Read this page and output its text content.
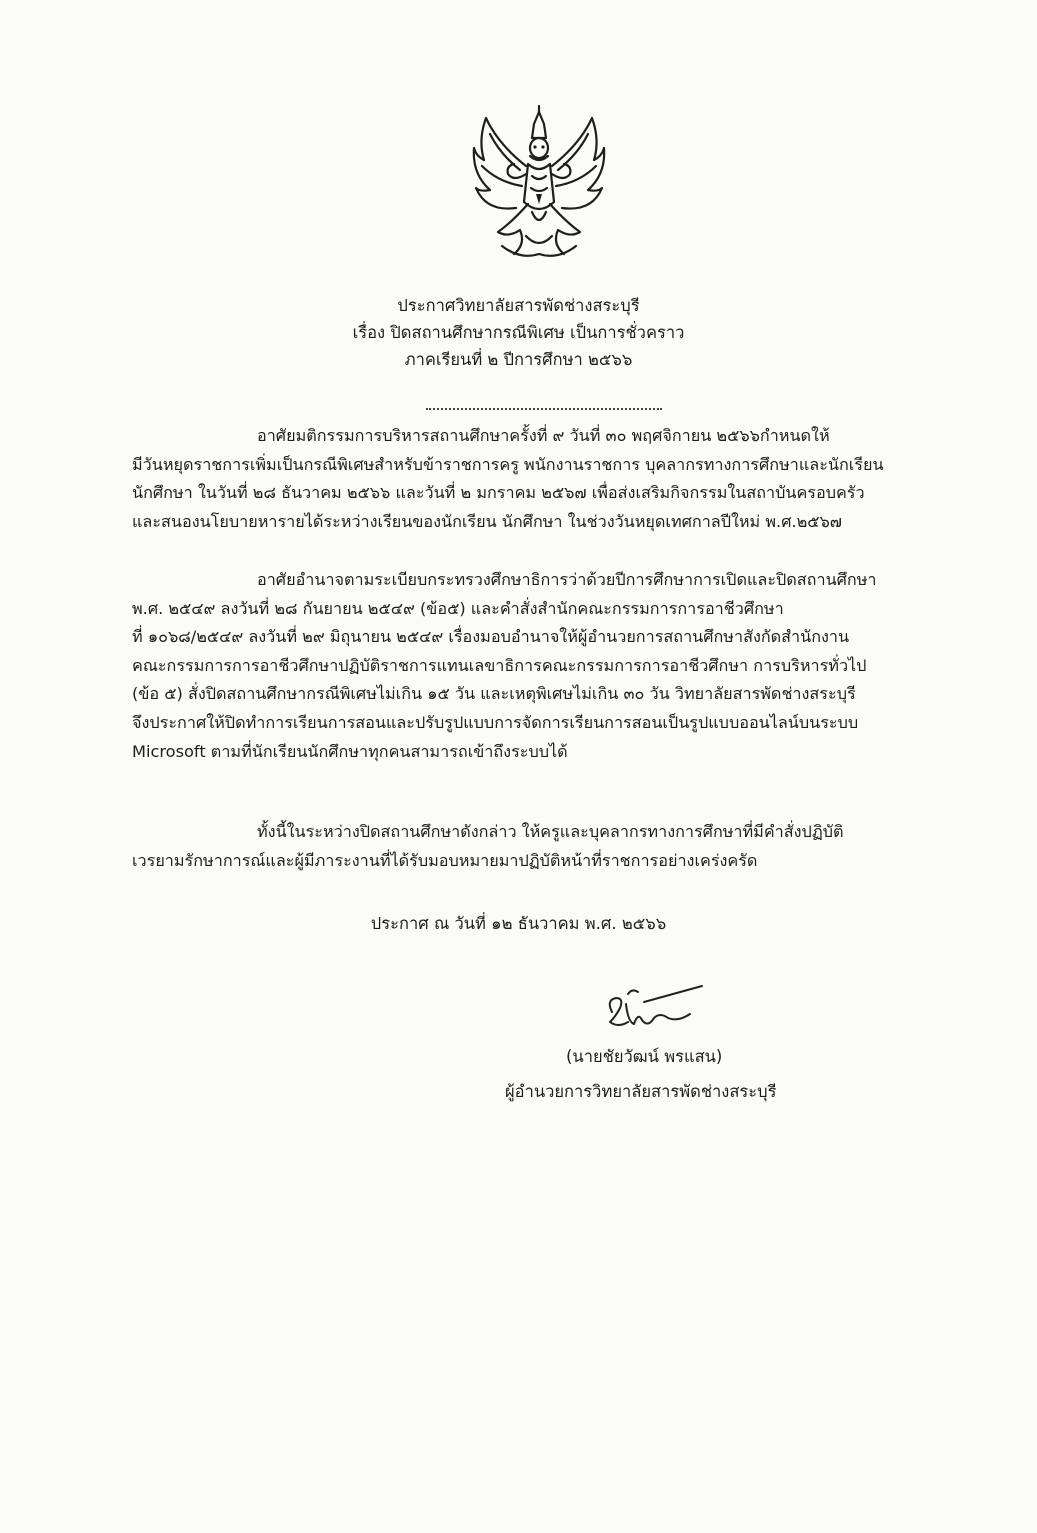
ประกาศวิทยาลัยสารพัดช่างสระบุรี
เรื่อง ปิดสถานศึกษากรณีพิเศษ เป็นการชั่วคราว
ภาคเรียนที่ ๒ ปีการศึกษา ๒๕๖๖
อาศัยมติกรรมการบริหารสถานศึกษาครั้งที่ ๙ วันที่ ๓๐ พฤศจิกายน ๒๕๖๖กำหนดให้
มีวันหยุดราชการเพิ่มเป็นกรณีพิเศษสำหรับข้าราชการครู พนักงานราชการ บุคลากรทางการศึกษาและนักเรียน
นักศึกษา ในวันที่ ๒๘ ธันวาคม ๒๕๖๖ และวันที่ ๒ มกราคม ๒๕๖๗ เพื่อส่งเสริมกิจกรรมในสถาบันครอบครัว
และสนองนโยบายหารายได้ระหว่างเรียนของนักเรียน นักศึกษา ในช่วงวันหยุดเทศกาลปีใหม่ พ.ศ.๒๕๖๗
อาศัยอำนาจตามระเบียบกระทรวงศึกษาธิการว่าด้วยปีการศึกษาการเปิดและปิดสถานศึกษา
พ.ศ. ๒๕๔๙ ลงวันที่ ๒๘ กันยายน ๒๕๔๙ (ข้อ๕) และคำสั่งสำนักคณะกรรมการการอาชีวศึกษา
ที่ ๑๐๖๘/๒๕๔๙ ลงวันที่ ๒๙ มิถุนายน ๒๕๔๙ เรื่องมอบอำนาจให้ผู้อำนวยการสถานศึกษาสังกัดสำนักงาน
คณะกรรมการการอาชีวศึกษาปฏิบัติราชการแทนเลขาธิการคณะกรรมการการอาชีวศึกษา การบริหารทั่วไป
(ข้อ ๕) สั่งปิดสถานศึกษากรณีพิเศษไม่เกิน ๑๕ วัน และเหตุพิเศษไม่เกิน ๓๐ วัน วิทยาลัยสารพัดช่างสระบุรี
จึงประกาศให้ปิดทำการเรียนการสอนและปรับรูปแบบการจัดการเรียนการสอนเป็นรูปแบบออนไลน์บนระบบ
Microsoft ตามที่นักเรียนนักศึกษาทุกคนสามารถเข้าถึงระบบได้
ทั้งนี้ในระหว่างปิดสถานศึกษาดังกล่าว ให้ครูและบุคลากรทางการศึกษาที่มีคำสั่งปฏิบัติ
เวรยามรักษาการณ์และผู้มีภาระงานที่ได้รับมอบหมายมาปฏิบัติหน้าที่ราชการอย่างเคร่งครัด
ประกาศ ณ วันที่ ๑๒ ธันวาคม พ.ศ. ๒๕๖๖
(นายชัยวัฒน์ พรแสน)
ผู้อำนวยการวิทยาลัยสารพัดช่างสระบุรี
